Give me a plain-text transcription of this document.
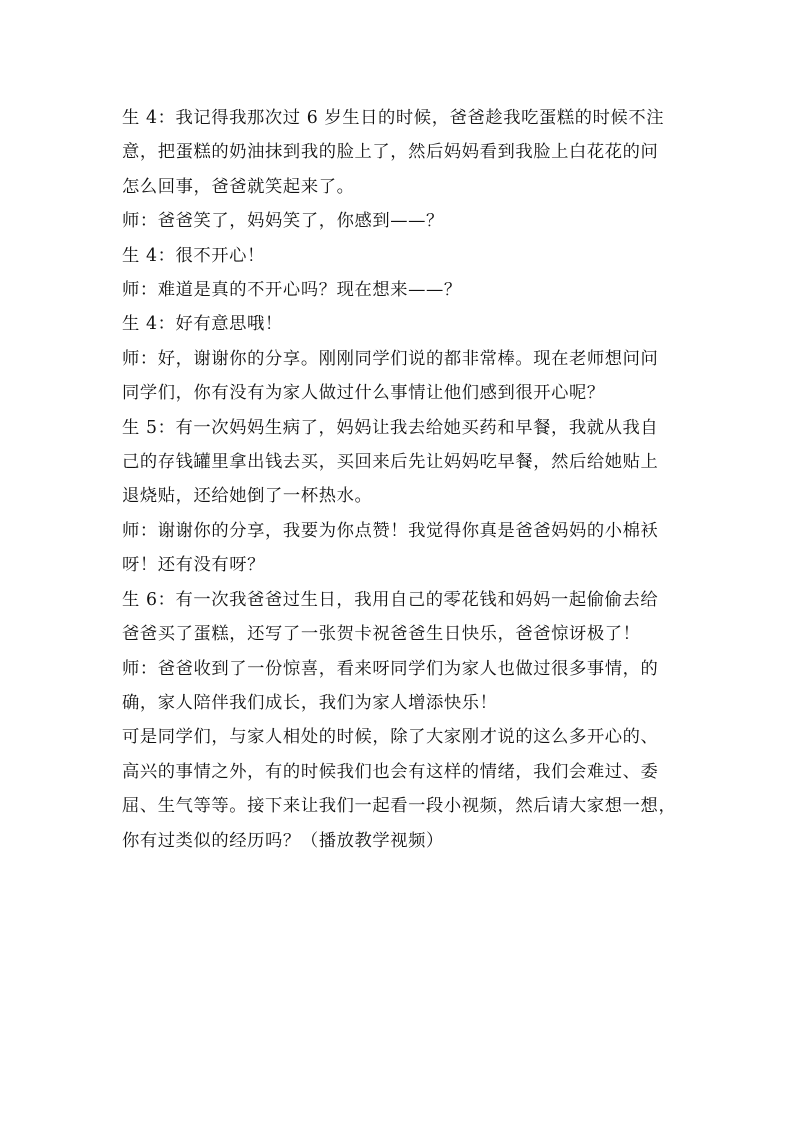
生 4：我记得我那次过 6 岁生日的时候，爸爸趁我吃蛋糕的时候不注
意，把蛋糕的奶油抹到我的脸上了，然后妈妈看到我脸上白花花的问
怎么回事，爸爸就笑起来了。

师：爸爸笑了，妈妈笑了，你感到——？

生 4：很不开心！

师：难道是真的不开心吗？现在想来——？

生 4：好有意思哦！

师：好，谢谢你的分享。刚刚同学们说的都非常棒。现在老师想问问
同学们，你有没有为家人做过什么事情让他们感到很开心呢？

生 5：有一次妈妈生病了，妈妈让我去给她买药和早餐，我就从我自
己的存钱罐里拿出钱去买，买回来后先让妈妈吃早餐，然后给她贴上
退烧贴，还给她倒了一杯热水。

师：谢谢你的分享，我要为你点赞！我觉得你真是爸爸妈妈的小棉袄
呀！还有没有呀？

生 6：有一次我爸爸过生日，我用自己的零花钱和妈妈一起偷偷去给
爸爸买了蛋糕，还写了一张贺卡祝爸爸生日快乐，爸爸惊讶极了！

师：爸爸收到了一份惊喜，看来呀同学们为家人也做过很多事情，的
确，家人陪伴我们成长，我们为家人增添快乐！

可是同学们，与家人相处的时候，除了大家刚才说的这么多开心的、
高兴的事情之外，有的时候我们也会有这样的情绪，我们会难过、委
屈、生气等等。接下来让我们一起看一段小视频，然后请大家想一想，
你有过类似的经历吗？（播放教学视频）
